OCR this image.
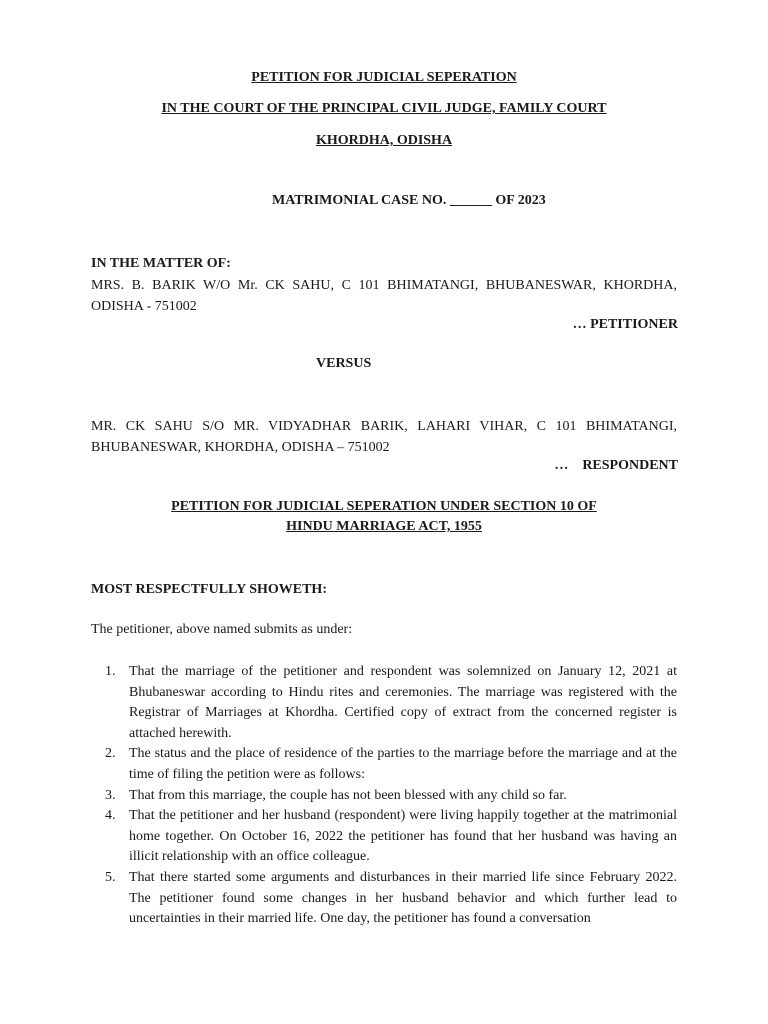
PETITION FOR JUDICIAL SEPERATION
IN THE COURT OF THE PRINCIPAL CIVIL JUDGE, FAMILY COURT
KHORDHA, ODISHA
MATRIMONIAL CASE NO. ______ OF 2023
IN THE MATTER OF:
MRS. B. BARIK W/O Mr. CK SAHU, C 101 BHIMATANGI, BHUBANESWAR, KHORDHA, ODISHA - 751002
… PETITIONER
VERSUS
MR. CK SAHU S/O MR. VIDYADHAR BARIK, LAHARI VIHAR, C 101 BHIMATANGI, BHUBANESWAR, KHORDHA, ODISHA – 751002
…    RESPONDENT
PETITION FOR JUDICIAL SEPERATION UNDER SECTION 10 OF
HINDU MARRIAGE ACT, 1955
MOST RESPECTFULLY SHOWETH:
The petitioner, above named submits as under:
1. That the marriage of the petitioner and respondent was solemnized on January 12, 2021 at Bhubaneswar according to Hindu rites and ceremonies. The marriage was registered with the Registrar of Marriages at Khordha. Certified copy of extract from the concerned register is attached herewith.
2. The status and the place of residence of the parties to the marriage before the marriage and at the time of filing the petition were as follows:
3. That from this marriage, the couple has not been blessed with any child so far.
4. That the petitioner and her husband (respondent) were living happily together at the matrimonial home together. On October 16, 2022 the petitioner has found that her husband was having an illicit relationship with an office colleague.
5. That there started some arguments and disturbances in their married life since February 2022. The petitioner found some changes in her husband behavior and which further lead to uncertainties in their married life. One day, the petitioner has found a conversation
